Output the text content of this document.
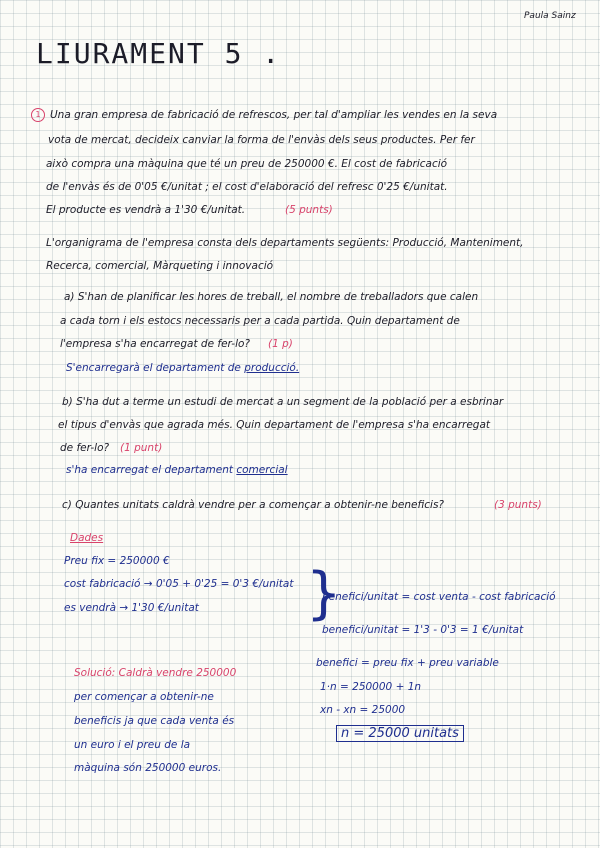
Paula Sainz
LIURAMENT 5 .
1 Una gran empresa de fabricació de refrescos, per tal d'ampliar les vendes en la seva
vota de mercat, decideix canviar la forma de l'envàs dels seus productes. Per fer
això compra una màquina que té un preu de 250000 €. El cost de fabricació
de l'envàs és de 0'05 €/unitat ; el cost d'elaboració del refresc 0'25 €/unitat.
El producte es vendrà a 1'30 €/unitat.	(5 punts)
L'organigrama de l'empresa consta dels departaments següents: Producció, Manteniment,
Recerca, comercial, Màrqueting i innovació
a) S'han de planificar les hores de treball, el nombre de treballadors que calen
a cada torn i els estocs necessaris per a cada partida. Quin departament de
l'empresa s'ha encarregat de fer-lo? (1 p)
S'encarregarà el departament de producció.
b) S'ha dut a terme un estudi de mercat a un segment de la població per a esbrinar
el tipus d'envàs que agrada més. Quin departament de l'empresa s'ha encarregat
de fer-lo? (1 punt)
s'ha encarregat el departament comercial
c) Quantes unitats caldrà vendre per a començar a obtenir-ne beneficis?	(3 punts)
Dades
Preu fix = 250000 €
cost fabricació → 0'05 + 0'25 = 0'3 €/unitat
es vendrà → 1'30 €/unitat }
benefici/unitat = cost venta - cost fabricació
benefici/unitat = 1'3 - 0'3 = 1 €/unitat
Solució: Caldrà vendre 250000
per començar a obtenir-ne
beneficis ja que cada venta és
un euro i el preu de la
màquina són 250000 euros.
benefici = preu fix + preu variable
1·n = 250000 + 1n
xn - xn = 25000
n = 25000 unitats
